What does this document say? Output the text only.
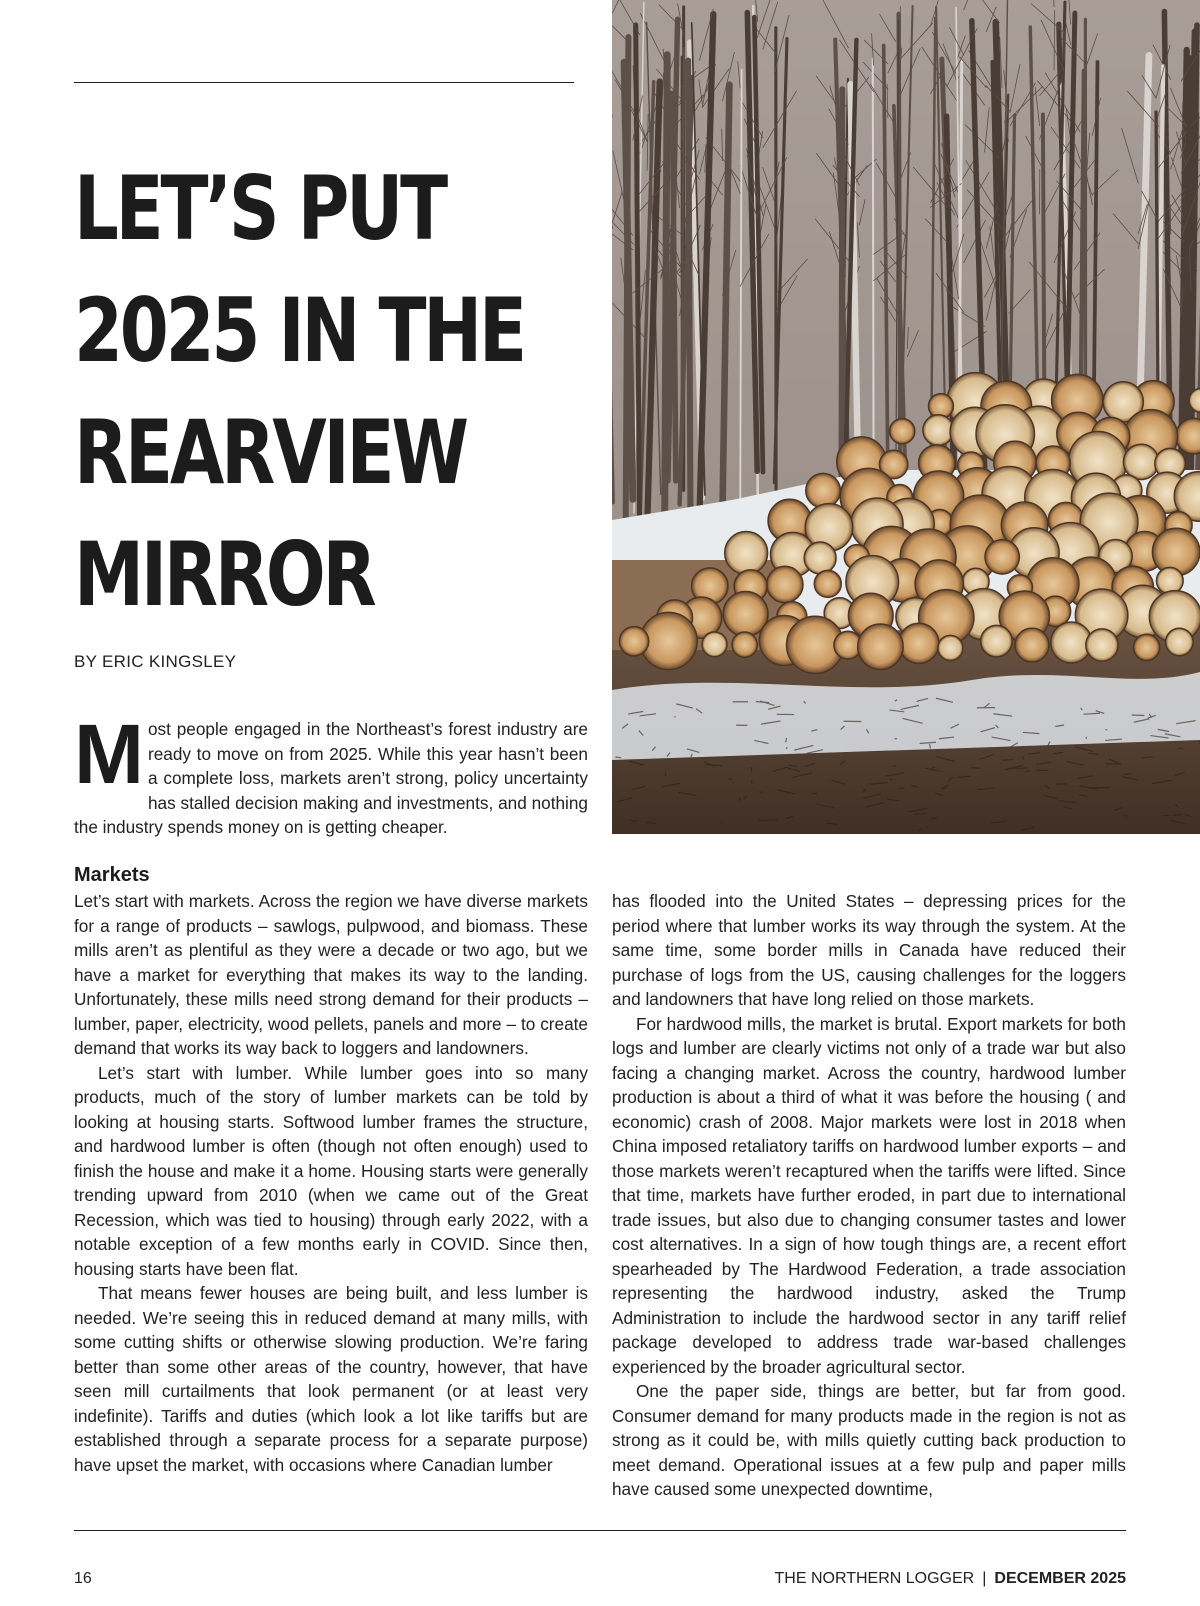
LET’S PUT
2025 IN THE
REARVIEW
MIRROR
BY ERIC KINGSLEY
Most people engaged in the Northeast’s forest industry are ready to move on from 2025. While this year hasn’t been a complete loss, markets aren’t strong, policy uncertainty has stalled decision making and investments, and nothing the industry spends money on is getting cheaper.
Markets

Let’s start with markets. Across the region we have diverse markets for a range of products – sawlogs, pulpwood, and biomass. These mills aren’t as plentiful as they were a decade or two ago, but we have a market for everything that makes its way to the landing. Unfortunately, these mills need strong demand for their products – lumber, paper, electricity, wood pellets, panels and more – to create demand that works its way back to loggers and landowners.

Let’s start with lumber. While lumber goes into so many products, much of the story of lumber markets can be told by looking at housing starts. Softwood lumber frames the structure, and hardwood lumber is often (though not often enough) used to finish the house and make it a home. Housing starts were generally trending upward from 2010 (when we came out of the Great Recession, which was tied to housing) through early 2022, with a notable exception of a few months early in COVID. Since then, housing starts have been flat.

That means fewer houses are being built, and less lumber is needed. We’re seeing this in reduced demand at many mills, with some cutting shifts or otherwise slowing production. We’re faring better than some other areas of the country, however, that have seen mill curtailments that look permanent (or at least very indefinite). Tariffs and duties (which look a lot like tariffs but are established through a separate process for a separate purpose) have upset the market, with occasions where Canadian lumber

has flooded into the United States – depressing prices for the period where that lumber works its way through the system. At the same time, some border mills in Canada have reduced their purchase of logs from the US, causing challenges for the loggers and landowners that have long relied on those markets.

For hardwood mills, the market is brutal. Export markets for both logs and lumber are clearly victims not only of a trade war but also facing a changing market. Across the country, hardwood lumber production is about a third of what it was before the housing ( and economic) crash of 2008. Major markets were lost in 2018 when China imposed retaliatory tariffs on hardwood lumber exports – and those markets weren’t recaptured when the tariffs were lifted. Since that time, markets have further eroded, in part due to international trade issues, but also due to changing consumer tastes and lower cost alternatives. In a sign of how tough things are, a recent effort spearheaded by The Hardwood Federation, a trade association representing the hardwood industry, asked the Trump Administration to include the hardwood sector in any tariff relief package developed to address trade war-based challenges experienced by the broader agricultural sector.

One the paper side, things are better, but far from good. Consumer demand for many products made in the region is not as strong as it could be, with mills quietly cutting back production to meet demand. Operational issues at a few pulp and paper mills have caused some unexpected downtime,

16	THE NORTHERN LOGGER | DECEMBER 2025
